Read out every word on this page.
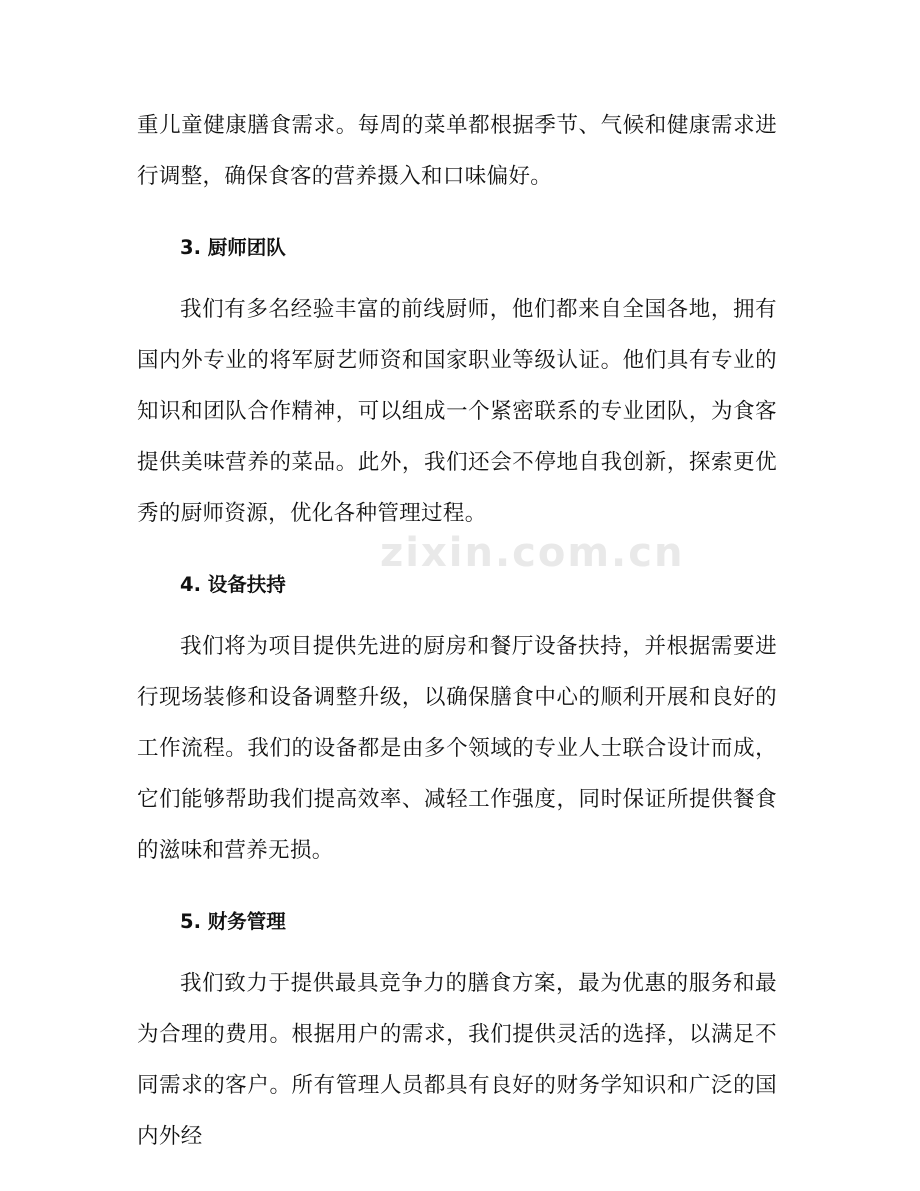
zixin.com.cn

重儿童健康膳食需求。每周的菜单都根据季节、气候和健康需求进行调整，确保食客的营养摄入和口味偏好。

3. 厨师团队

我们有多名经验丰富的前线厨师，他们都来自全国各地，拥有国内外专业的将军厨艺师资和国家职业等级认证。他们具有专业的知识和团队合作精神，可以组成一个紧密联系的专业团队，为食客提供美味营养的菜品。此外，我们还会不停地自我创新，探索更优秀的厨师资源，优化各种管理过程。

4. 设备扶持

我们将为项目提供先进的厨房和餐厅设备扶持，并根据需要进行现场装修和设备调整升级，以确保膳食中心的顺利开展和良好的工作流程。我们的设备都是由多个领域的专业人士联合设计而成，它们能够帮助我们提高效率、减轻工作强度，同时保证所提供餐食的滋味和营养无损。

5. 财务管理

我们致力于提供最具竞争力的膳食方案，最为优惠的服务和最为合理的费用。根据用户的需求，我们提供灵活的选择，以满足不同需求的客户。所有管理人员都具有良好的财务学知识和广泛的国内外经
